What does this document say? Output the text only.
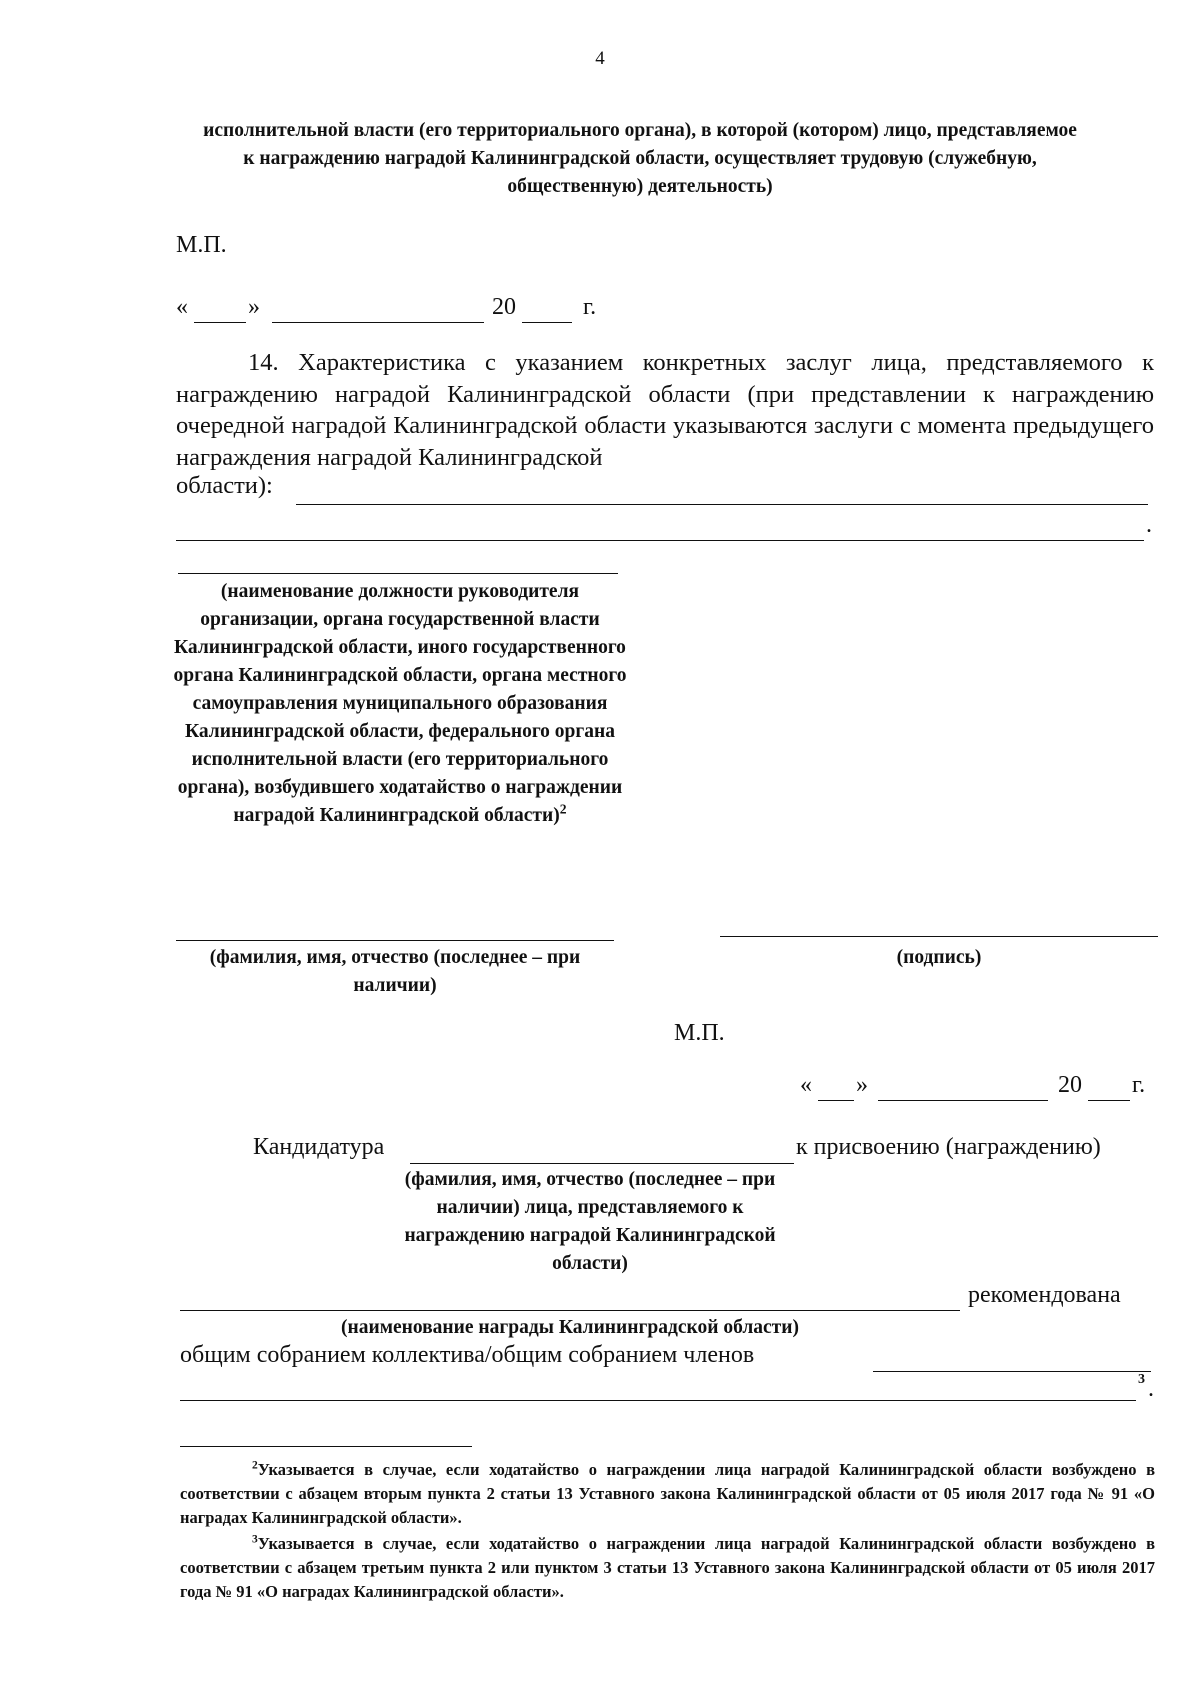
4
исполнительной власти (его территориального органа), в которой (котором) лицо, представляемое к награждению наградой Калининградской области, осуществляет трудовую (служебную, общественную) деятельность)
М.П.
«	»	20	г.
14. Характеристика с указанием конкретных заслуг лица, представляемого к награждению наградой Калининградской области (при представлении к награждению очередной наградой Калининградской области указываются заслуги с момента предыдущего награждения наградой Калининградской
области):
.
(наименование должности руководителя организации, органа государственной власти Калининградской области, иного государственного органа Калининградской области, органа местного самоуправления муниципального образования Калининградской области, федерального органа исполнительной власти (его территориального органа), возбудившего ходатайство о награждении наградой Калининградской области)$^2$
(фамилия, имя, отчество (последнее – при наличии)
(подпись)
М.П.
« »	20 г.
Кандидатура	к присвоению (награждению)
(фамилия, имя, отчество (последнее – при наличии) лица, представляемого к награждению наградой Калининградской области)
рекомендована
(наименование награды Калининградской области)
общим собранием коллектива/общим собранием членов
3 .
$^2$Указывается в случае, если ходатайство о награждении лица наградой Калининградской области возбуждено в соответствии с абзацем вторым пункта 2 статьи 13 Уставного закона Калининградской области от 05 июля 2017 года № 91 «О наградах Калининградской области».
$^3$Указывается в случае, если ходатайство о награждении лица наградой Калининградской области возбуждено в соответствии с абзацем третьим пункта 2 или пунктом 3 статьи 13 Уставного закона Калининградской области от 05 июля 2017 года № 91 «О наградах Калининградской области».
